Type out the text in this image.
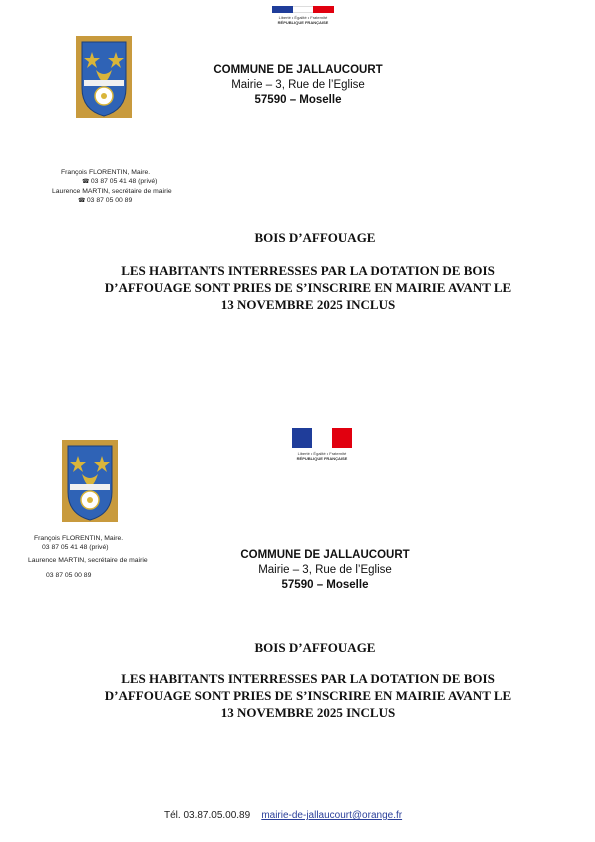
Liberté • Égalité • Fraternité
RÉPUBLIQUE FRANÇAISE
COMMUNE DE JALLAUCOURT
Mairie – 3, Rue de l’Eglise
57590 – Moselle
François FLORENTIN, Maire.
☎ 03 87 05 41 48 (privé)
Laurence MARTIN, secrétaire de mairie
☎ 03 87 05 00 89
BOIS D’AFFOUAGE
LES HABITANTS INTERRESSES PAR LA DOTATION DE BOIS
D’AFFOUAGE SONT PRIES DE S’INSCRIRE EN MAIRIE AVANT LE
13 NOVEMBRE 2025 INCLUS
Liberté • Égalité • Fraternité
RÉPUBLIQUE FRANÇAISE
François FLORENTIN, Maire.
03 87 05 41 48 (privé)
Laurence MARTIN, secrétaire de mairie
03 87 05 00 89
COMMUNE DE JALLAUCOURT
Mairie – 3, Rue de l’Eglise
57590 – Moselle
BOIS D’AFFOUAGE
LES HABITANTS INTERRESSES PAR LA DOTATION DE BOIS
D’AFFOUAGE SONT PRIES DE S’INSCRIRE EN MAIRIE AVANT LE
13 NOVEMBRE 2025 INCLUS
Tél. 03.87.05.00.89 mairie-de-jallaucourt@orange.fr
